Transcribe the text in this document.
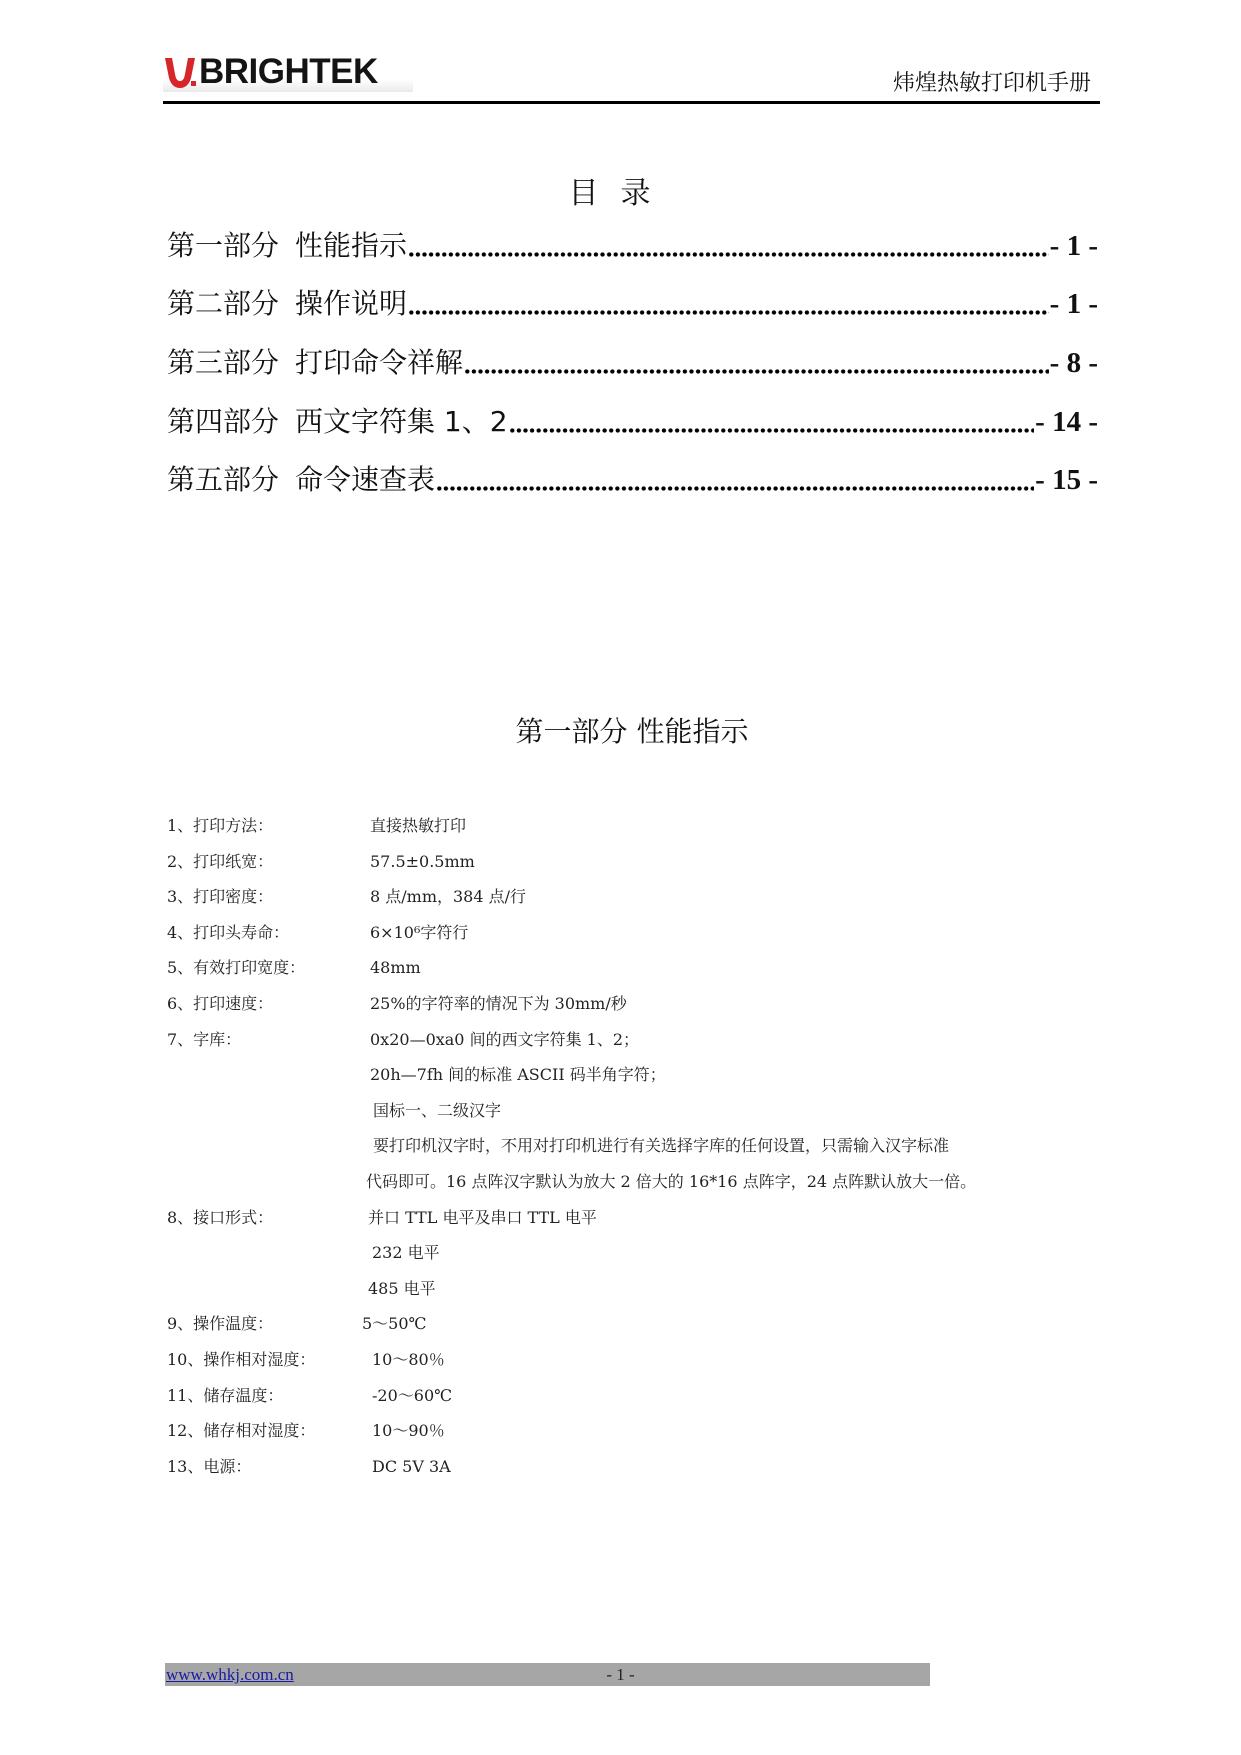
BRIGHTEK	炜煌热敏打印机手册
目录
第一部分 性能指示	- 1 -
第二部分 操作说明	- 1 -
第三部分 打印命令祥解	- 8 -
第四部分 西文字符集 1、2	- 14 -
第五部分 命令速查表	- 15 -
第一部分 性能指示
1、打印方法：	直接热敏打印
2、打印纸宽：	57.5±0.5mm
3、打印密度：	8 点/mm，384 点/行
4、打印头寿命：	6×10⁶字符行
5、有效打印宽度：	48mm
6、打印速度：	25%的字符率的情况下为 30mm/秒
7、字库：	0x20—0xa0 间的西文字符集 1、2；
20h—7fh 间的标准 ASCII 码半角字符；
国标一、二级汉字
要打印机汉字时，不用对打印机进行有关选择字库的任何设置，只需输入汉字标准
代码即可。16 点阵汉字默认为放大 2 倍大的 16*16 点阵字，24 点阵默认放大一倍。
8、接口形式：	并口 TTL 电平及串口 TTL 电平
232 电平
485 电平
9、操作温度：	5～50℃
10、操作相对湿度：	10～80％
11、储存温度：	-20～60℃
12、储存相对湿度：	10～90％
13、电源：	DC 5V 3A
www.whkj.com.cn	- 1 -
